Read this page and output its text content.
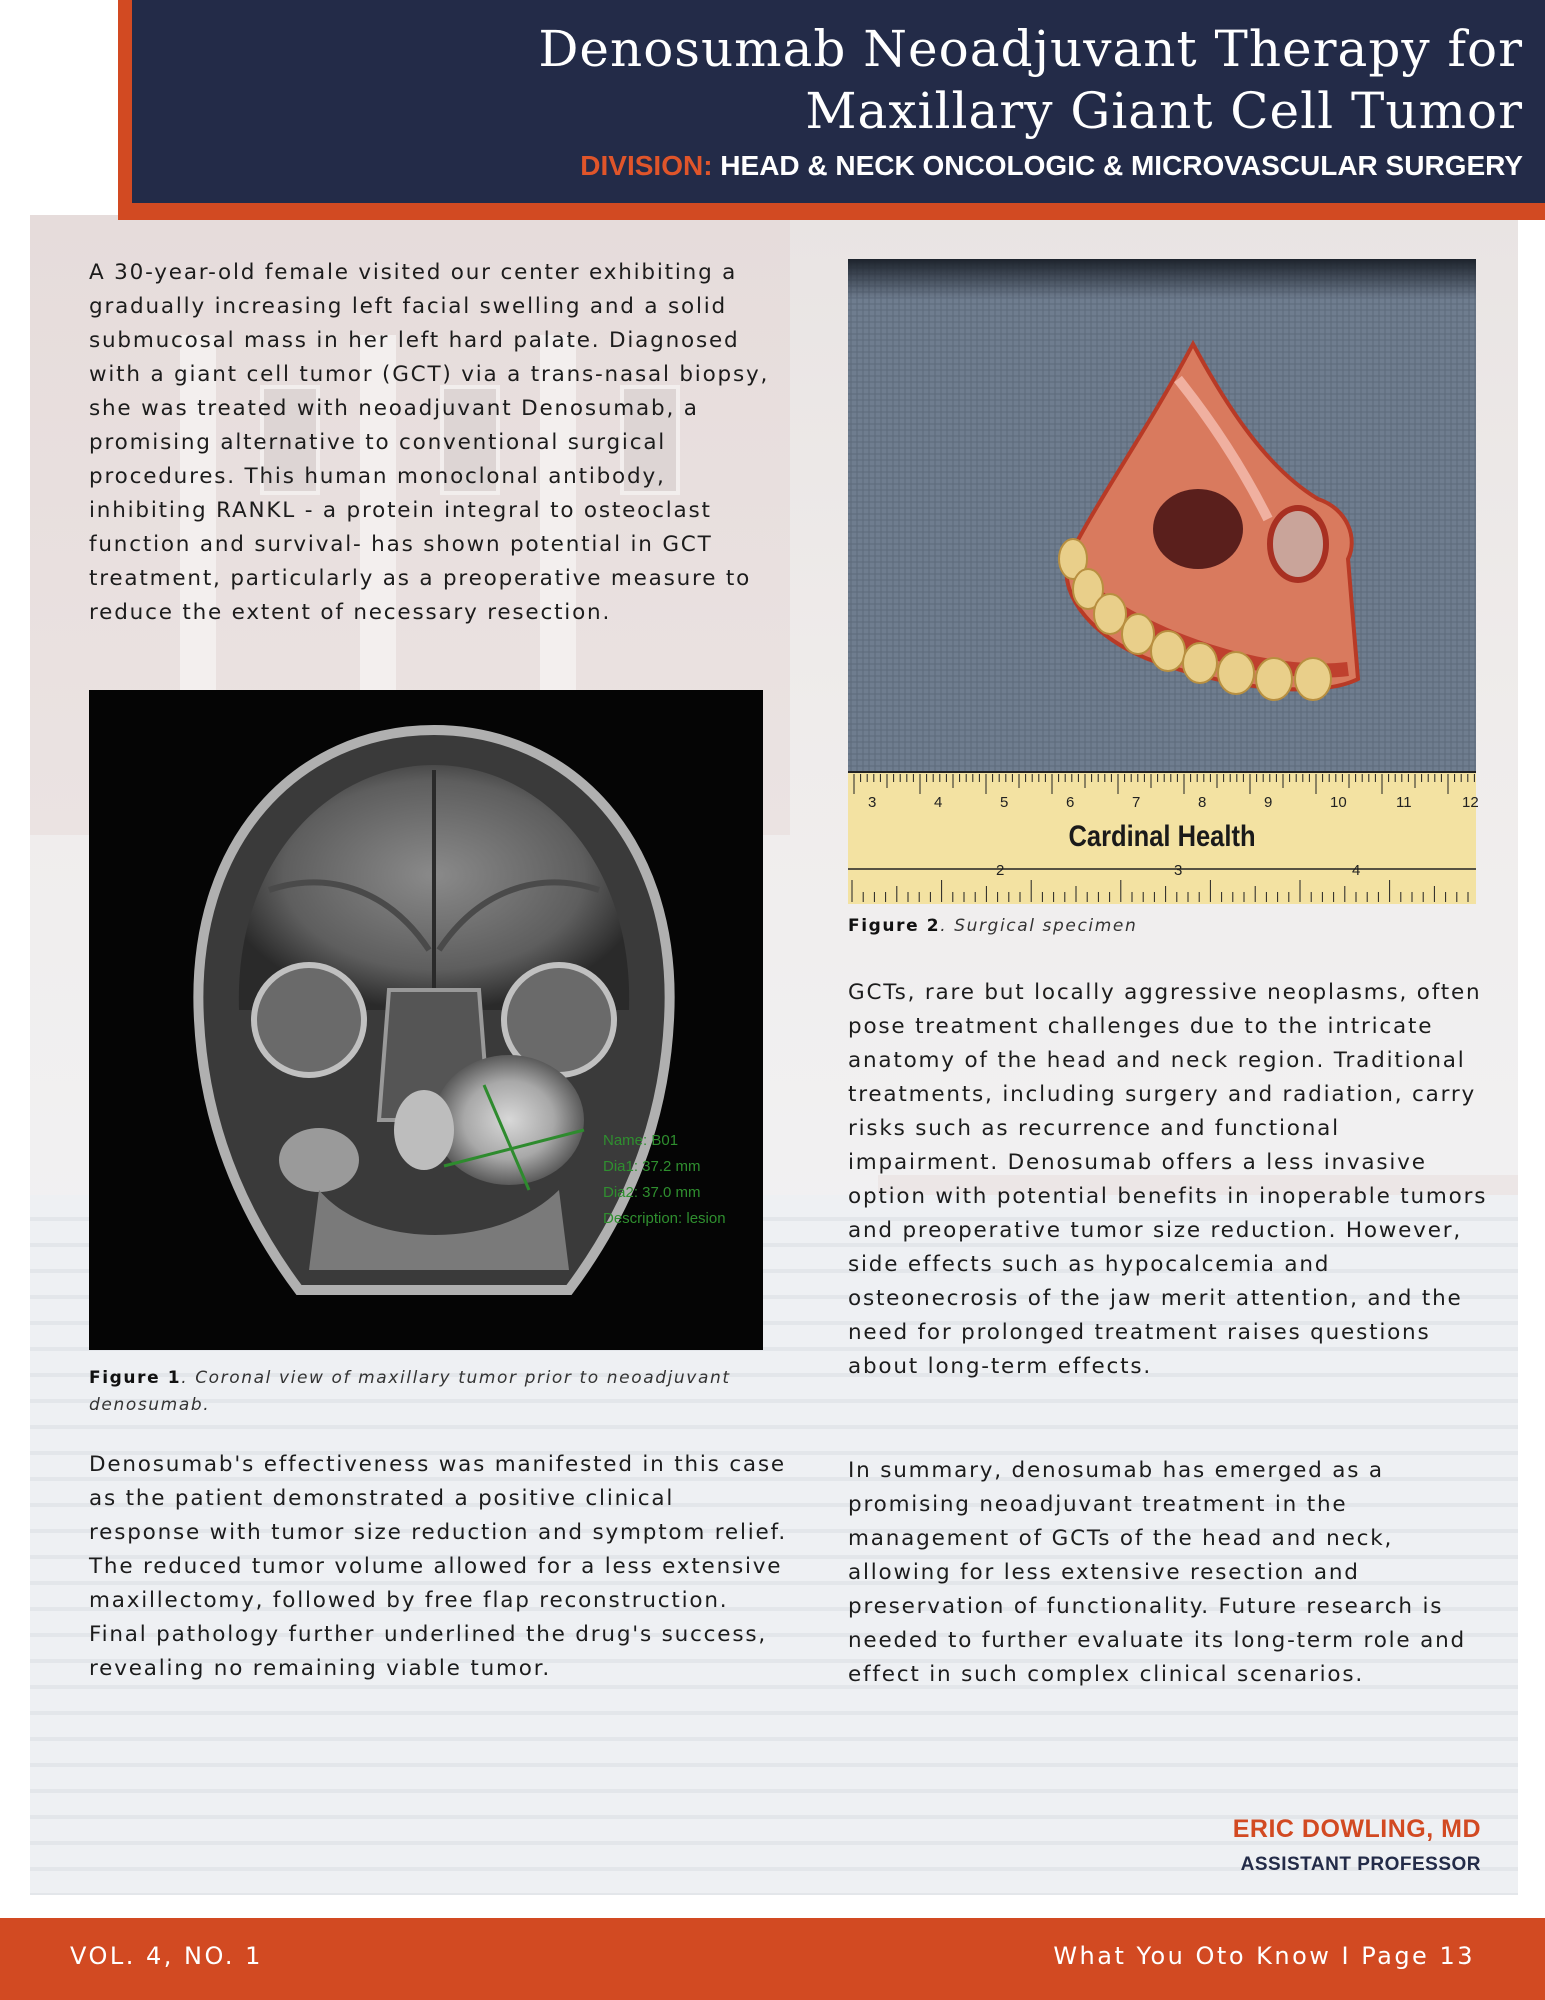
Denosumab Neoadjuvant Therapy for
Maxillary Giant Cell Tumor
DIVISION: HEAD & NECK ONCOLOGIC & MICROVASCULAR SURGERY

A 30-year-old female visited our center exhibiting a gradually increasing left facial swelling and a solid submucosal mass in her left hard palate. Diagnosed with a giant cell tumor (GCT) via a trans-nasal biopsy, she was treated with neoadjuvant Denosumab, a promising alternative to conventional surgical procedures. This human monoclonal antibody, inhibiting RANKL - a protein integral to osteoclast function and survival- has shown potential in GCT treatment, particularly as a preoperative measure to reduce the extent of necessary resection.

Name: B01
Dia1: 37.2 mm
Dia2: 37.0 mm
Description: lesion

Figure 1. Coronal view of maxillary tumor prior to neoadjuvant denosumab.

Denosumab's effectiveness was manifested in this case as the patient demonstrated a positive clinical response with tumor size reduction and symptom relief. The reduced tumor volume allowed for a less extensive maxillectomy, followed by free flap reconstruction. Final pathology further underlined the drug's success, revealing no remaining viable tumor.

3	4	5	6	7	8	9	10	11	12
2	3	4
Cardinal Health

Figure 2. Surgical specimen

GCTs, rare but locally aggressive neoplasms, often pose treatment challenges due to the intricate anatomy of the head and neck region. Traditional treatments, including surgery and radiation, carry risks such as recurrence and functional impairment. Denosumab offers a less invasive option with potential benefits in inoperable tumors and preoperative tumor size reduction. However, side effects such as hypocalcemia and osteonecrosis of the jaw merit attention, and the need for prolonged treatment raises questions about long-term effects.

In summary, denosumab has emerged as a promising neoadjuvant treatment in the management of GCTs of the head and neck, allowing for less extensive resection and preservation of functionality. Future research is needed to further evaluate its long-term role and effect in such complex clinical scenarios.

ERIC DOWLING, MD
ASSISTANT PROFESSOR
VOL. 4, NO. 1	What You Oto Know I Page 13
